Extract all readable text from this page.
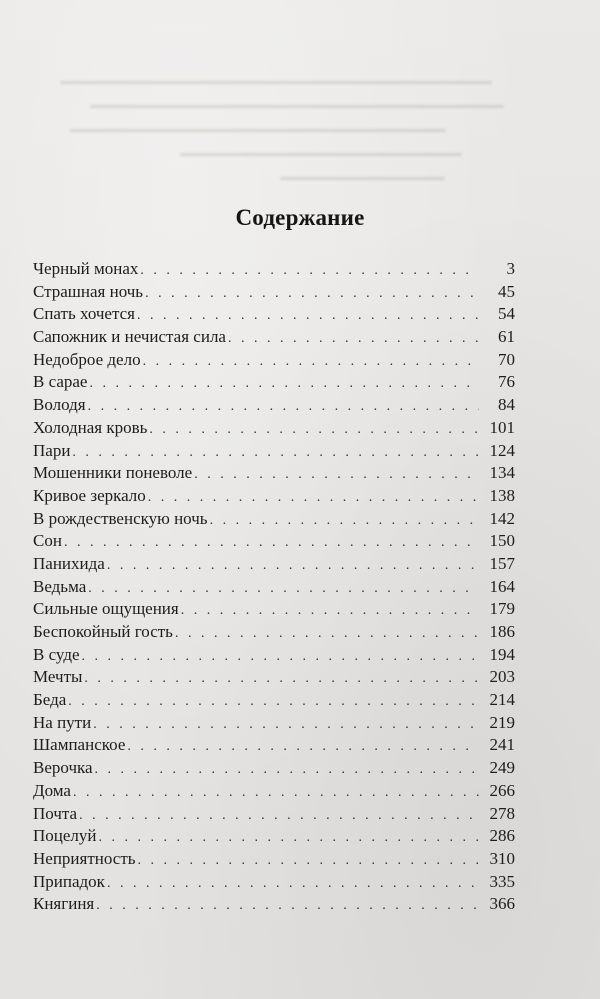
Содержание
Черный монах . . .	3
Страшная ночь . . .	45
Спать хочется . . .	54
Сапожник и нечистая сила . . .	61
Недоброе дело . . .	70
В сарае . . .	76
Володя . . .	84
Холодная кровь . . .	101
Пари . . .	124
Мошенники поневоле . . .	134
Кривое зеркало . . .	138
В рождественскую ночь . . .	142
Сон . . .	150
Панихида . . .	157
Ведьма . . .	164
Сильные ощущения . . .	179
Беспокойный гость . . .	186
В суде . . .	194
Мечты . . .	203
Беда . . .	214
На пути . . .	219
Шампанское . . .	241
Верочка . . .	249
Дома . . .	266
Почта . . .	278
Поцелуй . . .	286
Неприятность . . .	310
Припадок . . .	335
Княгиня . . .	366
